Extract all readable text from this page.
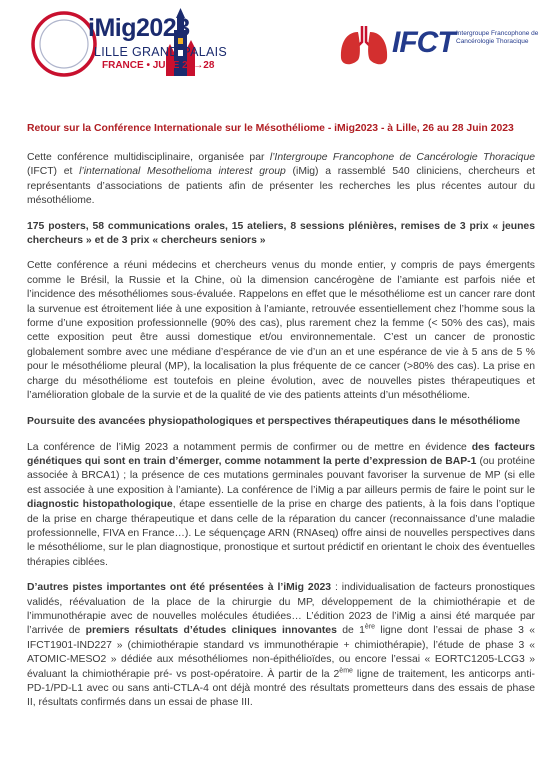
iMig2023
LILLE GRAND PALAIS
FRANCE • JUNE 26→28
IFCT Intergroupe Francophone de Cancérologie Thoracique
Retour sur la Conférence Internationale sur le Mésothéliome - iMig2023 - à Lille, 26 au 28 Juin 2023

Cette conférence multidisciplinaire, organisée par l’Intergroupe Francophone de Cancérologie Thoracique (IFCT) et l’international Mesothelioma interest group (iMig) a rassemblé 540 cliniciens, chercheurs et représentants d’associations de patients afin de présenter les recherches les plus récentes autour du mésothéliome.

175 posters, 58 communications orales, 15 ateliers, 8 sessions plénières, remises de 3 prix « jeunes chercheurs » et de 3 prix « chercheurs seniors »

Cette conférence a réuni médecins et chercheurs venus du monde entier, y compris de pays émergents comme le Brésil, la Russie et la Chine, où la dimension cancérogène de l’amiante est parfois niée et l’incidence des mésothéliomes sous-évaluée. Rappelons en effet que le mésothéliome est un cancer rare dont la survenue est étroitement liée à une exposition à l’amiante, retrouvée essentiellement chez l’homme sous la forme d’une exposition professionnelle (90% des cas), plus rarement chez la femme (< 50% des cas), mais cette exposition peut être aussi domestique et/ou environnementale. C’est un cancer de pronostic globalement sombre avec une médiane d’espérance de vie d’un an et une espérance de vie à 5 ans de 5 % pour le mésothéliome pleural (MP), la localisation la plus fréquente de ce cancer (>80% des cas). La prise en charge du mésothéliome est toutefois en pleine évolution, avec de nouvelles pistes thérapeutiques et l’amélioration globale de la survie et de la qualité de vie des patients atteints d’un mésothéliome.

Poursuite des avancées physiopathologiques et perspectives thérapeutiques dans le mésothéliome

La conférence de l’iMig 2023 a notamment permis de confirmer ou de mettre en évidence des facteurs génétiques qui sont en train d’émerger, comme notamment la perte d’expression de BAP-1 (ou protéine associée à BRCA1) ; la présence de ces mutations germinales pouvant favoriser la survenue de MP (si elle est associée à une exposition à l’amiante). La conférence de l’iMig a par ailleurs permis de faire le point sur le diagnostic histopathologique, étape essentielle de la prise en charge des patients, à la fois dans l’optique de la prise en charge thérapeutique et dans celle de la réparation du cancer (reconnaissance d’une maladie professionnelle, FIVA en France…). Le séquençage ARN (RNAseq) offre ainsi de nouvelles perspectives dans le mésothéliome, sur le plan diagnostique, pronostique et surtout prédictif en orientant le choix des éventuelles thérapies ciblées.

D’autres pistes importantes ont été présentées à l’iMig 2023 : individualisation de facteurs pronostiques validés, réévaluation de la place de la chirurgie du MP, développement de la chimiothérapie et de l’immunothérapie avec de nouvelles molécules étudiées… L’édition 2023 de l’iMig a ainsi été marquée par l’arrivée de premiers résultats d’études cliniques innovantes de 1ère ligne dont l’essai de phase 3 « IFCT1901-IND227 » (chimiothérapie standard vs immunothérapie + chimiothérapie), l’étude de phase 3 « ATOMIC-MESO2 » dédiée aux mésothéliomes non-épithélioïdes, ou encore l’essai « EORTC1205-LCG3 » évaluant la chimiothérapie pré- vs post-opératoire. À partir de la 2ème ligne de traitement, les anticorps anti-PD-1/PD-L1 avec ou sans anti-CTLA-4 ont déjà montré des résultats prometteurs dans des essais de phase II, résultats confirmés dans un essai de phase III.
